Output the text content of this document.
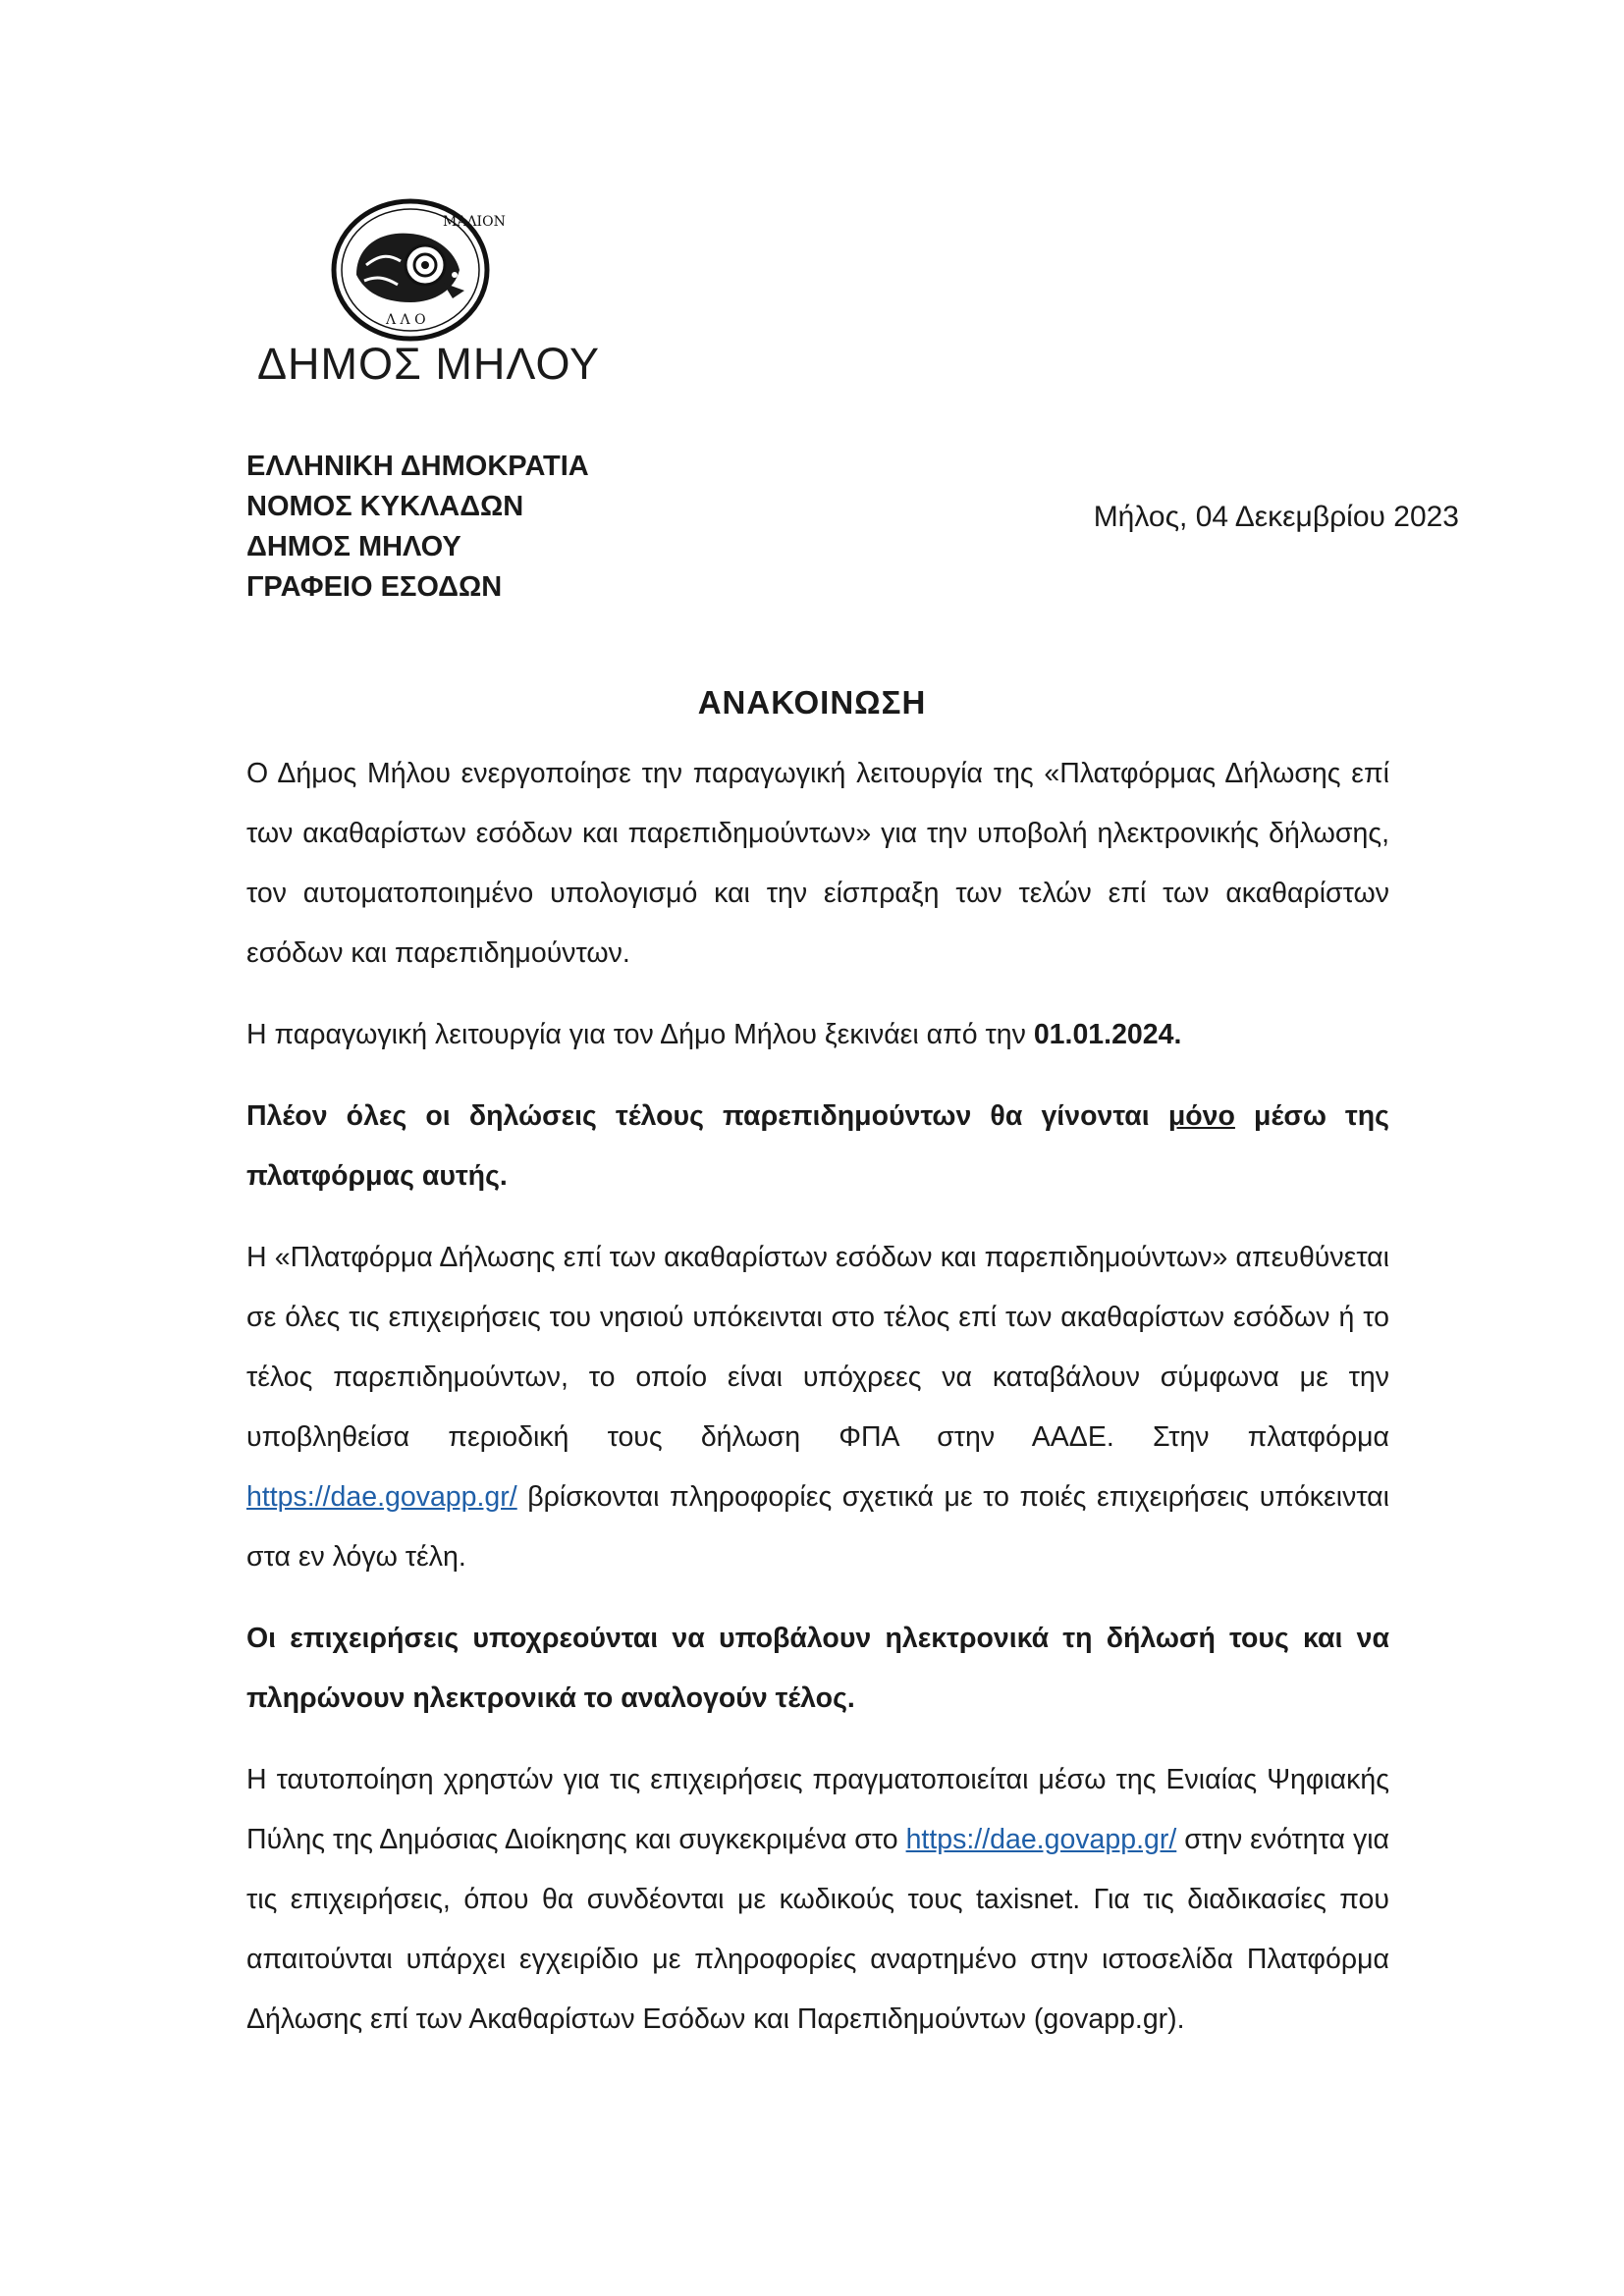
ΜΑΛΙΟΝ
Λ Λ Ο
ΔΗΜΟΣ ΜΗΛΟΥ
ΕΛΛΗΝΙΚΗ ΔΗΜΟΚΡΑΤΙΑ
ΝΟΜΟΣ ΚΥΚΛΑΔΩΝ
ΔΗΜΟΣ ΜΗΛΟΥ
ΓΡΑΦΕΙΟ ΕΣΟΔΩΝ
Μήλος, 04 Δεκεμβρίου 2023
ΑΝΑΚΟΙΝΩΣΗ

Ο Δήμος Μήλου ενεργοποίησε την παραγωγική λειτουργία της «Πλατφόρμας Δήλωσης επί των ακαθαρίστων εσόδων και παρεπιδημούντων» για την υποβολή ηλεκτρονικής δήλωσης, τον αυτοματοποιημένο υπολογισμό και την είσπραξη των τελών επί των ακαθαρίστων εσόδων και παρεπιδημούντων.

Η παραγωγική λειτουργία για τον Δήμο Μήλου ξεκινάει από την 01.01.2024.

Πλέον όλες οι δηλώσεις τέλους παρεπιδημούντων θα γίνονται μόνο μέσω της πλατφόρμας αυτής.

Η «Πλατφόρμα Δήλωσης επί των ακαθαρίστων εσόδων και παρεπιδημούντων» απευθύνεται σε όλες τις επιχειρήσεις του νησιού υπόκεινται στο τέλος επί των ακαθαρίστων εσόδων ή το τέλος παρεπιδημούντων, το οποίο είναι υπόχρεες να καταβάλουν σύμφωνα με την υποβληθείσα περιοδική τους δήλωση ΦΠΑ στην ΑΑΔΕ. Στην πλατφόρμα https://dae.govapp.gr/ βρίσκονται πληροφορίες σχετικά με το ποιές επιχειρήσεις υπόκεινται στα εν λόγω τέλη.

Οι επιχειρήσεις υποχρεούνται να υποβάλουν ηλεκτρονικά τη δήλωσή τους και να πληρώνουν ηλεκτρονικά το αναλογούν τέλος.

Η ταυτοποίηση χρηστών για τις επιχειρήσεις πραγματοποιείται μέσω της Ενιαίας Ψηφιακής Πύλης της Δημόσιας Διοίκησης και συγκεκριμένα στο https://dae.govapp.gr/ στην ενότητα για τις επιχειρήσεις, όπου θα συνδέονται με κωδικούς τους taxisnet. Για τις διαδικασίες που απαιτούνται υπάρχει εγχειρίδιο με πληροφορίες αναρτημένο στην ιστοσελίδα Πλατφόρμα Δήλωσης επί των Ακαθαρίστων Εσόδων και Παρεπιδημούντων (govapp.gr).
